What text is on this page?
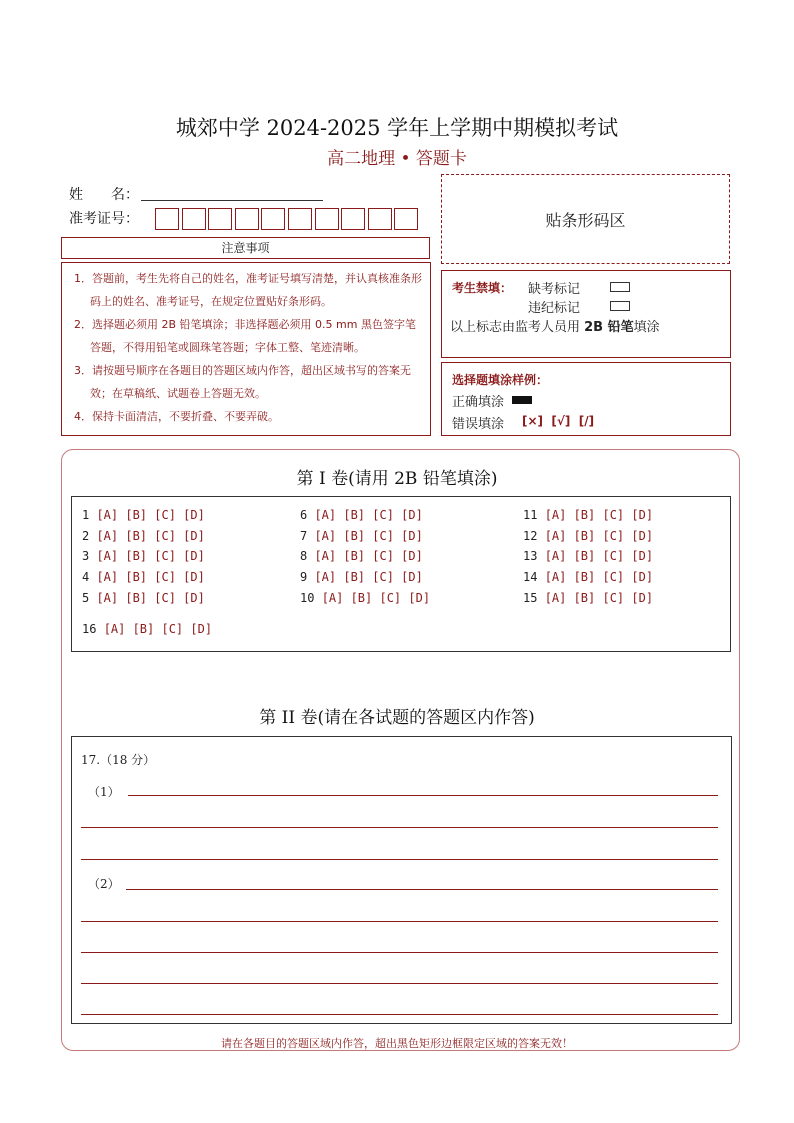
城郊中学 2024-2025 学年上学期中期模拟考试
高二地理 • 答题卡
姓　　名：
准考证号：	贴条形码区
注意事项
1．答题前，考生先将自己的姓名，准考证号填写清楚，并认真核准条形码上的姓名、准考证号，在规定位置贴好条形码。
2．选择题必须用 2B 铅笔填涂；非选择题必须用 0.5 mm 黑色签字笔答题，不得用铅笔或圆珠笔答题；字体工整、笔迹清晰。
3．请按题号顺序在各题目的答题区域内作答，超出区域书写的答案无效；在草稿纸、试题卷上答题无效。
4．保持卡面清洁，不要折叠、不要弄破。
考生禁填： 缺考标记
违纪标记
以上标志由监考人员用 2B 铅笔填涂
选择题填涂样例：
正确填涂
错误填涂 [×]  [√]  [/]
第 I 卷(请用 2B 铅笔填涂)
1 [A] [B] [C] [D]
2 [A] [B] [C] [D]
3 [A] [B] [C] [D]
4 [A] [B] [C] [D]
5 [A] [B] [C] [D]
6 [A] [B] [C] [D]
7 [A] [B] [C] [D]
8 [A] [B] [C] [D]
9 [A] [B] [C] [D]
10 [A] [B] [C] [D]
11 [A] [B] [C] [D]
12 [A] [B] [C] [D]
13 [A] [B] [C] [D]
14 [A] [B] [C] [D]
15 [A] [B] [C] [D]
16 [A] [B] [C] [D]
第 II 卷(请在各试题的答题区内作答)
17.（18 分）
（1）
（2）
请在各题目的答题区域内作答，超出黑色矩形边框限定区域的答案无效！
